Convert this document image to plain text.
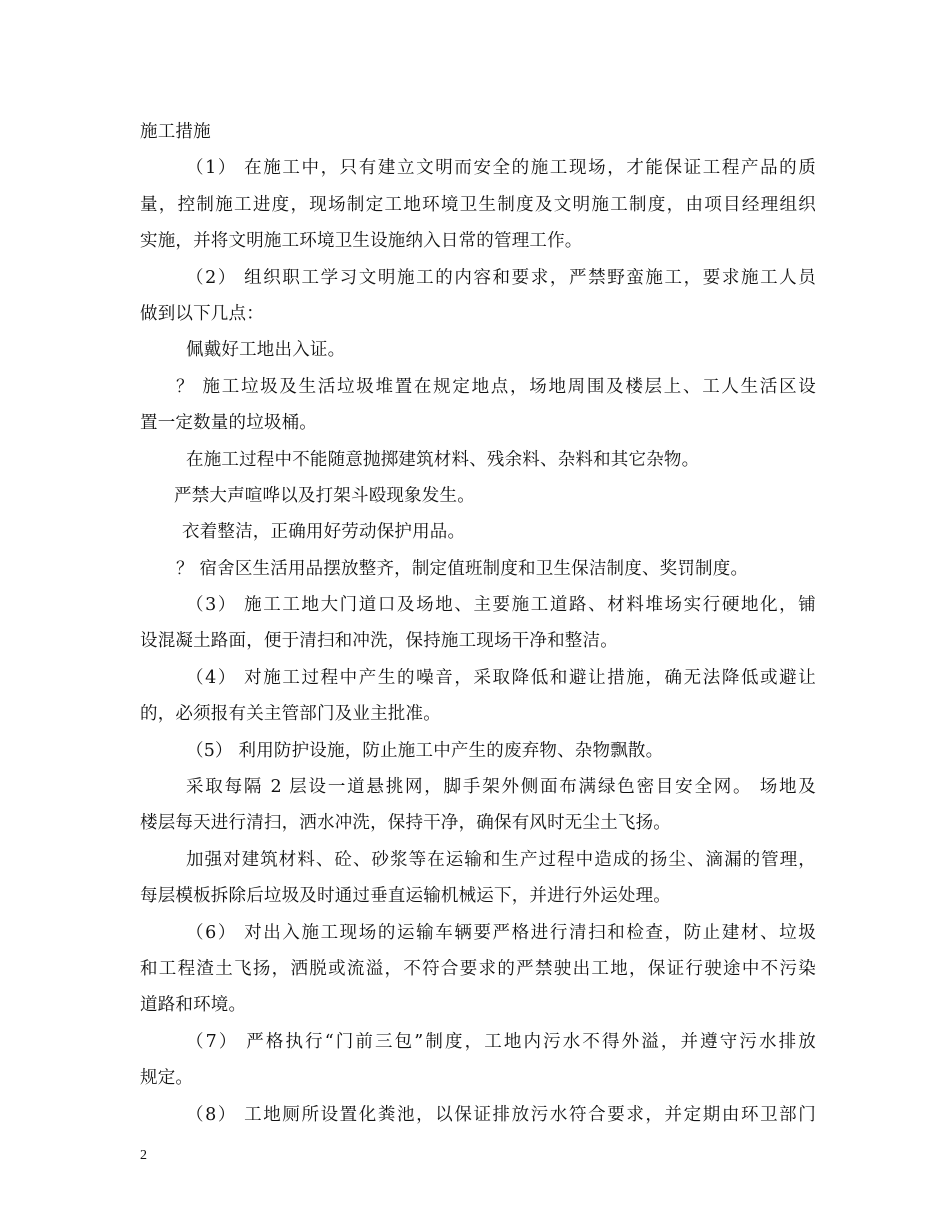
施工措施
（1） 在施工中，只有建立文明而安全的施工现场，才能保证工程产品的质
量，控制施工进度，现场制定工地环境卫生制度及文明施工制度，由项目经理组织
实施，并将文明施工环境卫生设施纳入日常的管理工作。
（2） 组织职工学习文明施工的内容和要求，严禁野蛮施工，要求施工人员
做到以下几点：
佩戴好工地出入证。
？ 施工垃圾及生活垃圾堆置在规定地点，场地周围及楼层上、工人生活区设
置一定数量的垃圾桶。
在施工过程中不能随意抛掷建筑材料、残余料、杂料和其它杂物。
严禁大声喧哗以及打架斗殴现象发生。
衣着整洁，正确用好劳动保护用品。
？ 宿舍区生活用品摆放整齐，制定值班制度和卫生保洁制度、奖罚制度。
（3） 施工工地大门道口及场地、主要施工道路、材料堆场实行硬地化，铺
设混凝土路面，便于清扫和冲洗，保持施工现场干净和整洁。
（4） 对施工过程中产生的噪音，采取降低和避让措施，确无法降低或避让
的，必须报有关主管部门及业主批准。
（5） 利用防护设施，防止施工中产生的废弃物、杂物飘散。
采取每隔 2 层设一道悬挑网，脚手架外侧面布满绿色密目安全网。 场地及
楼层每天进行清扫，洒水冲洗，保持干净，确保有风时无尘土飞扬。
加强对建筑材料、砼、砂浆等在运输和生产过程中造成的扬尘、滴漏的管理，
每层模板拆除后垃圾及时通过垂直运输机械运下，并进行外运处理。
（6） 对出入施工现场的运输车辆要严格进行清扫和检查，防止建材、垃圾
和工程渣土飞扬，洒脱或流溢，不符合要求的严禁驶出工地，保证行驶途中不污染
道路和环境。
（7） 严格执行“门前三包”制度，工地内污水不得外溢，并遵守污水排放
规定。
（8） 工地厕所设置化粪池，以保证排放污水符合要求，并定期由环卫部门
2
